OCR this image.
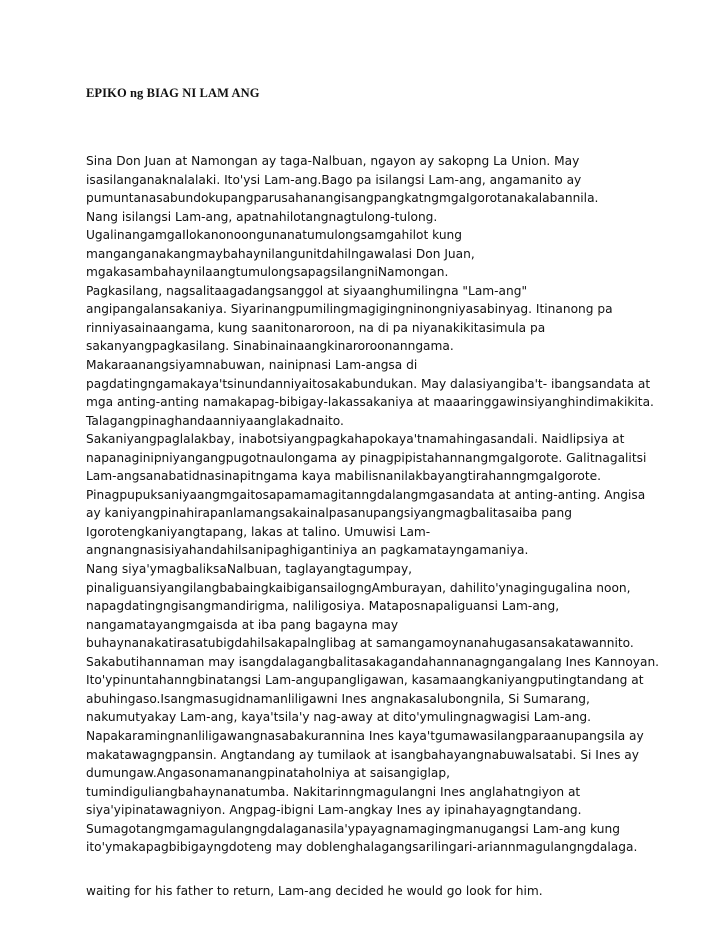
EPIKO ng BIAG NI LAM ANG
Sina Don Juan at Namongan ay taga-Nalbuan, ngayon ay sakopng La Union. May
isasilanganaknalalaki. Ito'ysi Lam-ang.Bago pa isilangsi Lam-ang, angamanito ay
pumuntanasabundokupangparusahanangisangpangkatngmgaIgorotanakalabannila.
Nang isilangsi Lam-ang, apatnahilotangnagtulong-tulong.
UgalinangamgaIlokanonoongunanatumulongsamgahilot kung
manganganakangmaybahaynilangunitdahilngawalasi Don Juan,
mgakasambahaynilaangtumulongsapagsilangniNamongan.
Pagkasilang, nagsalitaagadangsanggol at siyaanghumilingna "Lam-ang"
angipangalansakaniya. Siyarinangpumilingmagigingninongniyasabinyag. Itinanong pa
rinniyasainaangama, kung saanitonaroroon, na di pa niyanakikitasimula pa
sakanyangpagkasilang. Sinabinainaangkinaroroonanngama.
Makaraanangsiyamnabuwan, nainipnasi Lam-angsa di
pagdatingngamakaya'tsinundanniyaitosakabundukan. May dalasiyangiba't- ibangsandata at
mga anting-anting namakapag-bibigay-lakassakaniya at maaaringgawinsiyanghindimakikita.
Talagangpinaghandaanniyaanglakadnaito.
Sakaniyangpaglalakbay, inabotsiyangpagkahapokaya'tnamahingasandali. Naidlipsiya at
napanaginipniyangangpugotnaulongama ay pinagpipistahannangmgaIgorote. Galitnagalitsi
Lam-angsanabatidnasinapitngama kaya mabilisnanilakbayangtirahanngmgaIgorote.
Pinagpupuksaniyaangmgaitosapamamagitanngdalangmgasandata at anting-anting. Angisa
ay kaniyangpinahirapanlamangsakainalpasanupangsiyangmagbalitasaiba pang
Igorotengkaniyangtapang, lakas at talino. Umuwisi Lam-
angnangnasisiyahandahilsanipaghigantiniya an pagkamatayngamaniya.
Nang siya'ymagbaliksaNalbuan, taglayangtagumpay,
pinaliguansiyangilangbabaingkaibigansailogngAmburayan, dahilito'ynagingugalina noon,
napagdatingngisangmandirigma, naliligosiya. Mataposnapaliguansi Lam-ang,
nangamatayangmgaisda at iba pang bagayna may
buhaynanakatirasatubigdahilsakapalnglibag at samangamoynanahugasansakatawannito.
Sakabutihannaman may isangdalagangbalitasakagandahannanagngangalang Ines Kannoyan.
Ito'ypinuntahanngbinatangsi Lam-angupangligawan, kasamaangkaniyangputingtandang at
abuhingaso.Isangmasugidnamanliligawni Ines angnakasalubongnila, Si Sumarang,
nakumutyakay Lam-ang, kaya'tsila'y nag-away at dito'ymulingnagwagisi Lam-ang.
Napakaramingnanliligawangnasabakurannina Ines kaya'tgumawasilangparaanupangsila ay
makatawagngpansin. Angtandang ay tumilaok at isangbahayangnabuwalsatabi. Si Ines ay
dumungaw.Angasonamanangpinataholniya at saisangiglap,
tumindiguliangbahaynanatumba. Nakitarinngmagulangni Ines anglahatngiyon at
siya'yipinatawagniyon. Angpag-ibigni Lam-angkay Ines ay ipinahayagngtandang.
Sumagotangmgamagulangngdalaganasila'ypayagnamagingmanugangsi Lam-ang kung
ito'ymakapagbibigayngdoteng may doblenghalagangsarilingari-ariannmagulangngdalaga.
waiting for his father to return, Lam-ang decided he would go look for him.
